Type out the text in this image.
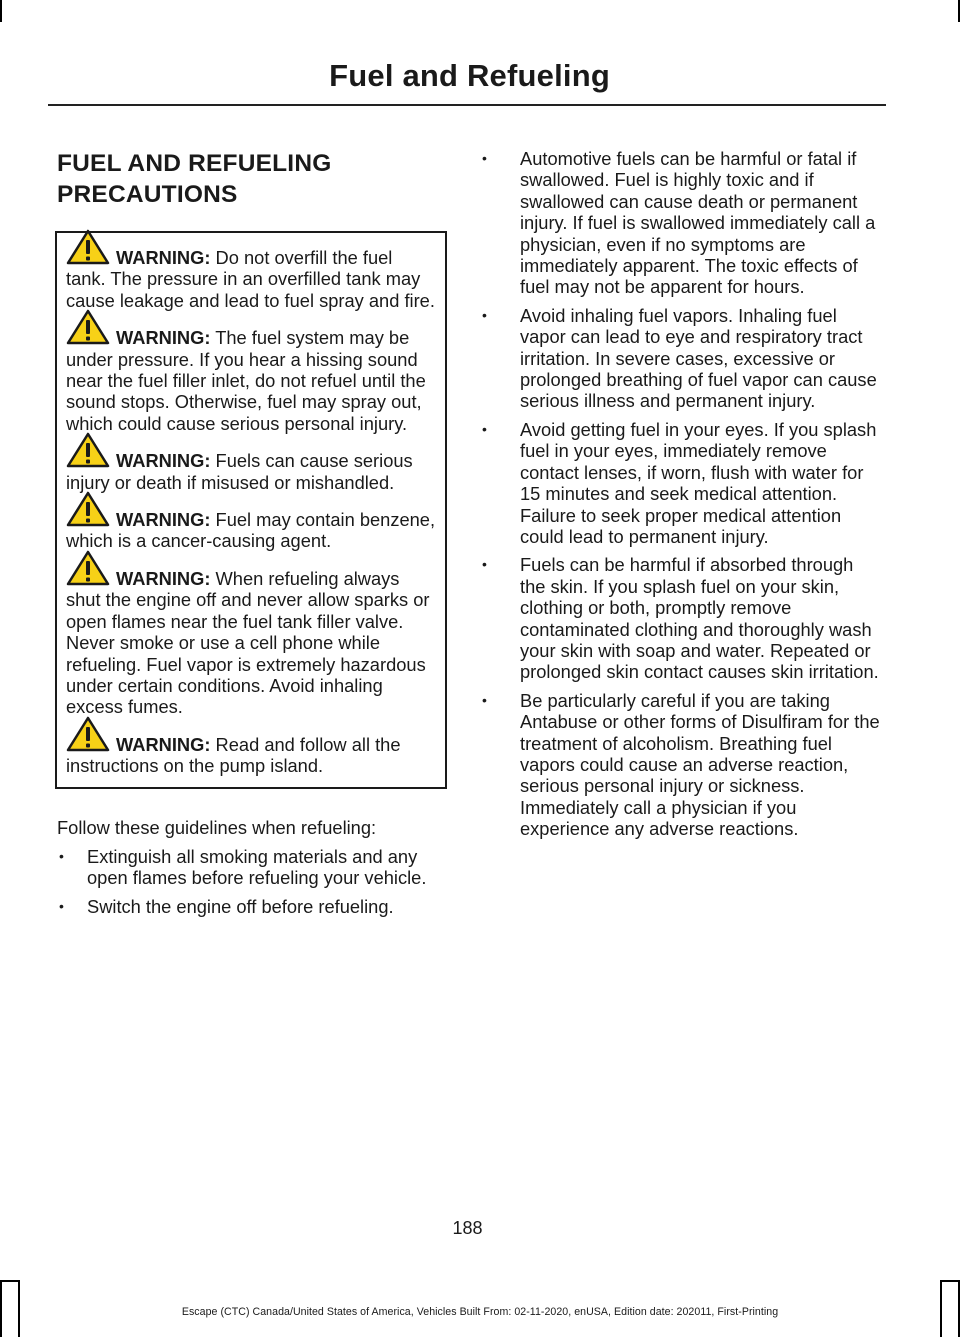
Fuel and Refueling
FUEL AND REFUELING
PRECAUTIONS
WARNING: Do not overfill the fuel tank. The pressure in an overfilled tank may cause leakage and lead to fuel spray and fire.
WARNING: The fuel system may be under pressure. If you hear a hissing sound near the fuel filler inlet, do not refuel until the sound stops. Otherwise, fuel may spray out, which could cause serious personal injury.
WARNING: Fuels can cause serious injury or death if misused or mishandled.
WARNING: Fuel may contain benzene, which is a cancer-causing agent.
WARNING: When refueling always shut the engine off and never allow sparks or open flames near the fuel tank filler valve. Never smoke or use a cell phone while refueling. Fuel vapor is extremely hazardous under certain conditions. Avoid inhaling excess fumes.
WARNING: Read and follow all the instructions on the pump island.
Follow these guidelines when refueling:
• Extinguish all smoking materials and any open flames before refueling your vehicle.
• Switch the engine off before refueling.
• Automotive fuels can be harmful or fatal if swallowed. Fuel is highly toxic and if swallowed can cause death or permanent injury. If fuel is swallowed immediately call a physician, even if no symptoms are immediately apparent. The toxic effects of fuel may not be apparent for hours.
• Avoid inhaling fuel vapors. Inhaling fuel vapor can lead to eye and respiratory tract irritation. In severe cases, excessive or prolonged breathing of fuel vapor can cause serious illness and permanent injury.
• Avoid getting fuel in your eyes. If you splash fuel in your eyes, immediately remove contact lenses, if worn, flush with water for 15 minutes and seek medical attention. Failure to seek proper medical attention could lead to permanent injury.
• Fuels can be harmful if absorbed through the skin. If you splash fuel on your skin, clothing or both, promptly remove contaminated clothing and thoroughly wash your skin with soap and water. Repeated or prolonged skin contact causes skin irritation.
• Be particularly careful if you are taking Antabuse or other forms of Disulfiram for the treatment of alcoholism. Breathing fuel vapors could cause an adverse reaction, serious personal injury or sickness. Immediately call a physician if you experience any adverse reactions.
188
Escape (CTC) Canada/United States of America, Vehicles Built From: 02-11-2020, enUSA, Edition date: 202011, First-Printing
